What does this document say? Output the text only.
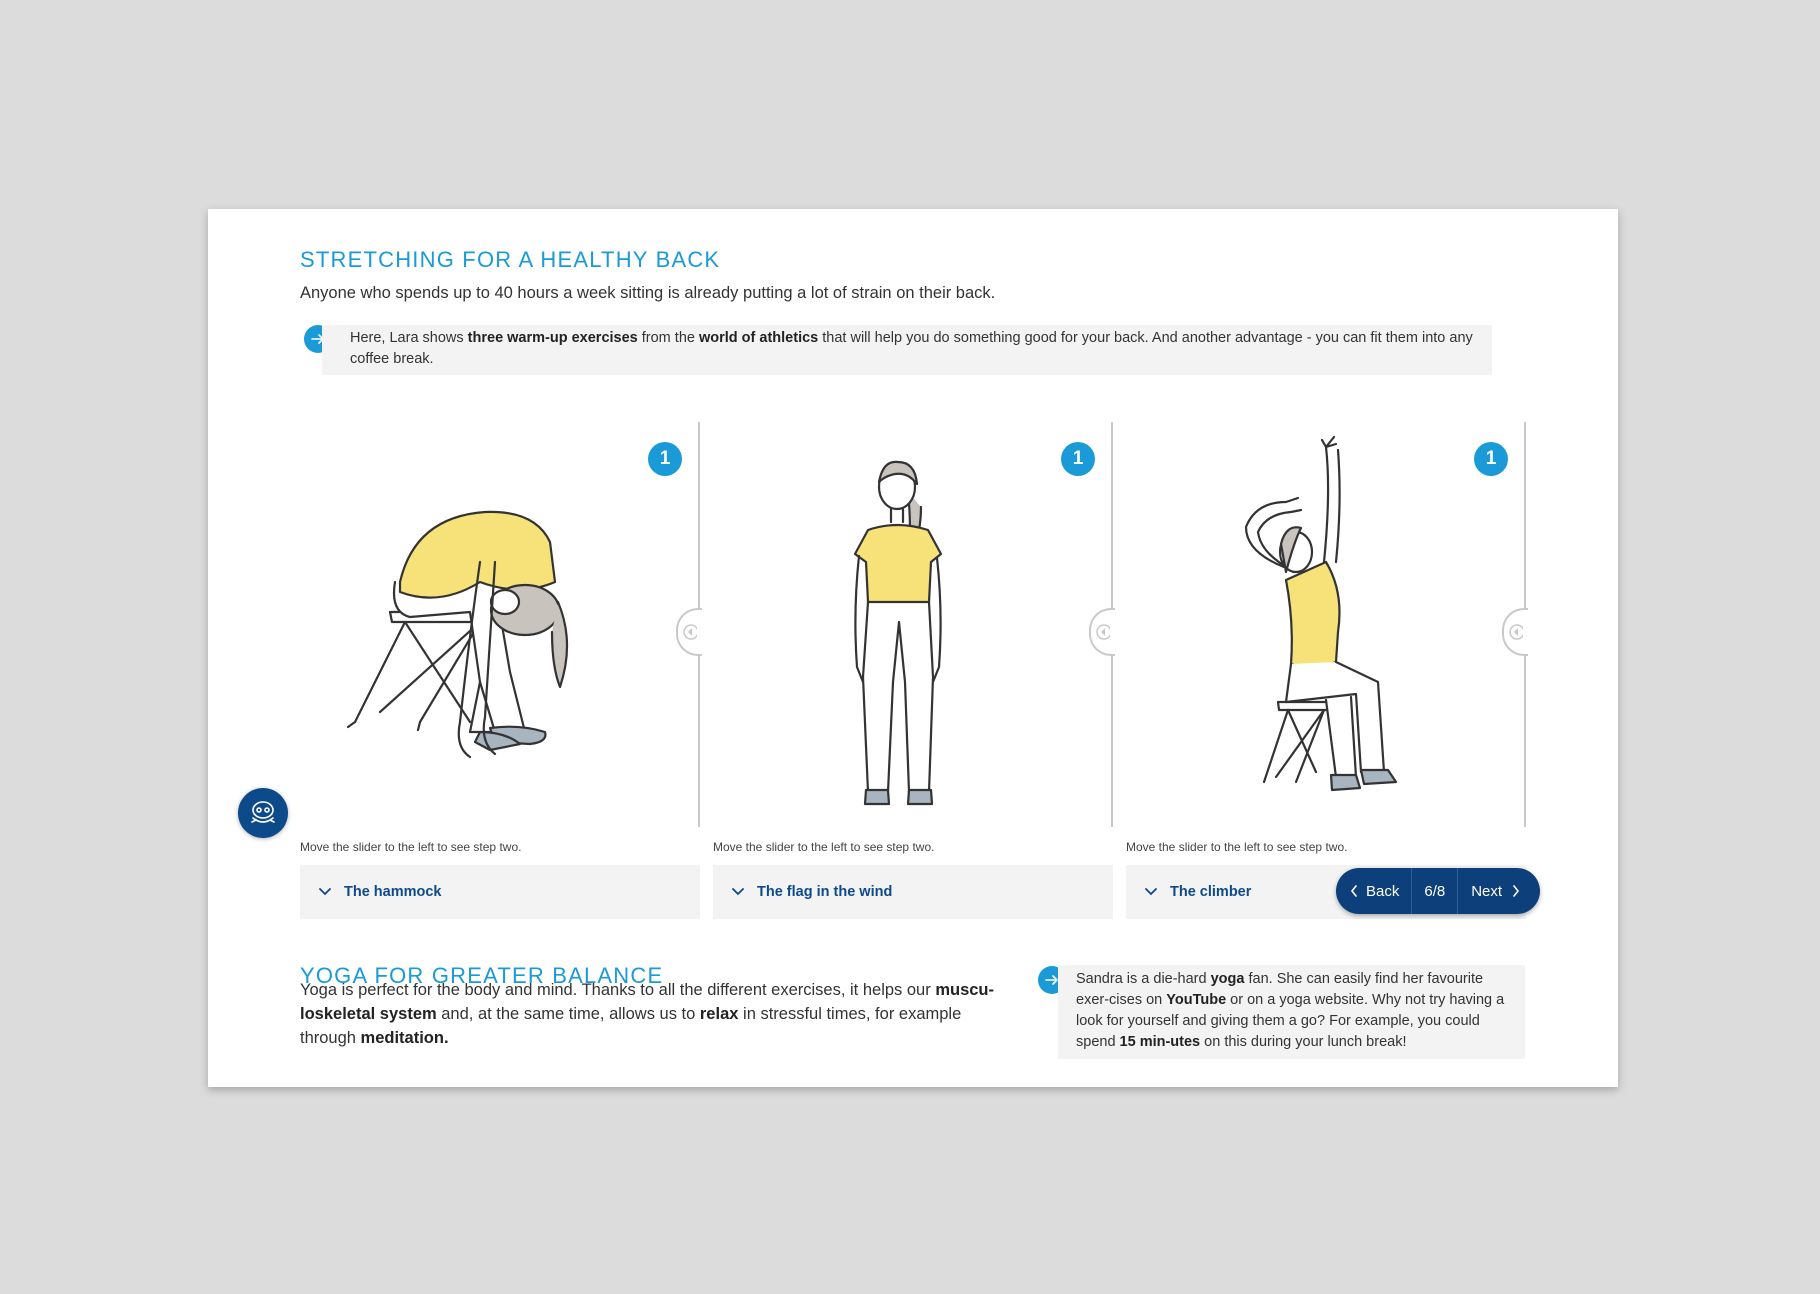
STRETCHING FOR A HEALTHY BACK
Anyone who spends up to 40 hours a week sitting is already putting a lot of strain on their back.
Here, Lara shows three warm-up exercises from the world of athletics that will help you do something good for your back. And another advantage - you can fit them into any coffee break.
1
Move the slider to the left to see step two.
The hammock
1
Move the slider to the left to see step two.
The flag in the wind
1
Move the slider to the left to see step two.
The climber
YOGA FOR GREATER BALANCE
Yoga is perfect for the body and mind. Thanks to all the different exercises, it helps our muscu-loskeletal system and, at the same time, allows us to relax in stressful times, for example through meditation.
Sandra is a die-hard yoga fan. She can easily find her favourite exer-cises on YouTube or on a yoga website. Why not try having a look for yourself and giving them a go? For example, you could spend 15 min-utes on this during your lunch break!
Back	6/8	Next
